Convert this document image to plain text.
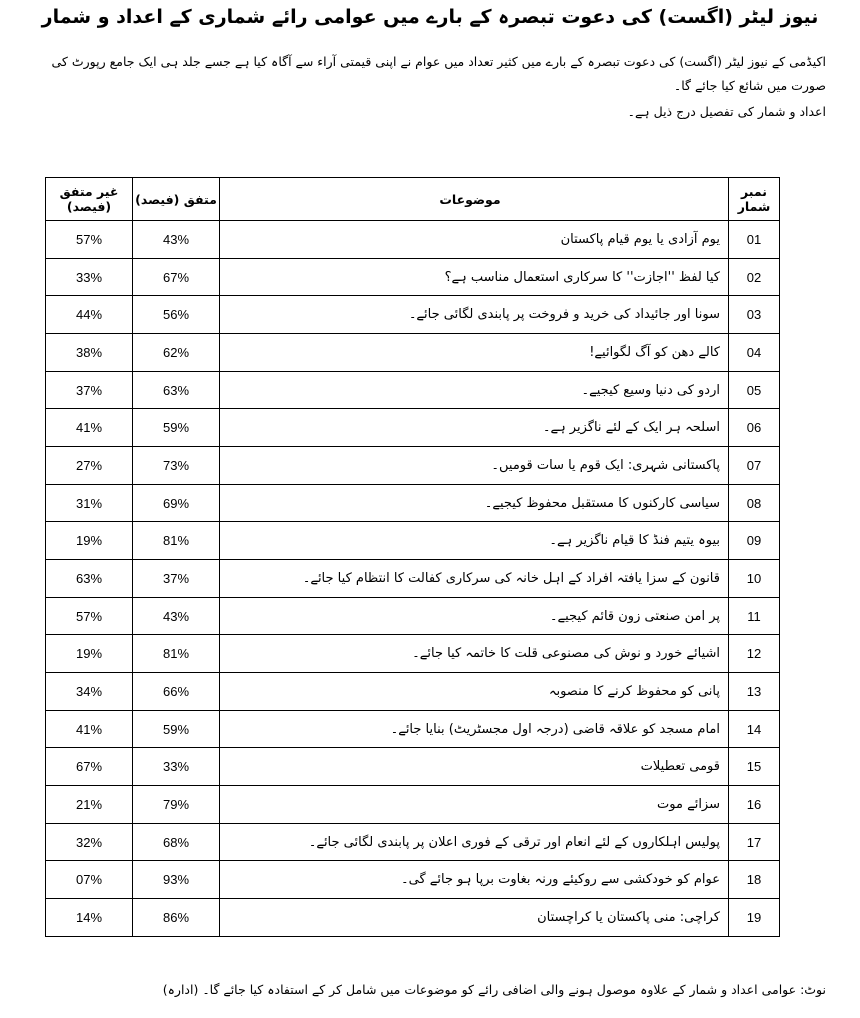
نیوز لیٹر (اگست) کی دعوت تبصرہ کے بارے میں عوامی رائے شماری کے اعداد و شمار

اکیڈمی کے نیوز لیٹر (اگست) کی دعوت تبصرہ کے بارے میں کثیر تعداد میں عوام نے اپنی قیمتی آراء سے آگاہ کیا ہے جسے جلد ہی ایک جامع رپورٹ کی صورت میں شائع کیا جائے گا۔

اعداد و شمار کی تفصیل درج ذیل ہے۔

نمبر شمار	موضوعات	متفق (فیصد)	غیر متفق (فیصد)
01	یوم آزادی یا یوم قیام پاکستان	43%	57%
02	کیا لفظ ''اجازت'' کا سرکاری استعمال مناسب ہے؟	67%	33%
03	سونا اور جائیداد کی خرید و فروخت پر پابندی لگائی جائے۔	56%	44%
04	کالے دھن کو آگ لگوائیے!	62%	38%
05	اردو کی دنیا وسیع کیجیے۔	63%	37%
06	اسلحہ ہر ایک کے لئے ناگزیر ہے۔	59%	41%
07	پاکستانی شہری: ایک قوم یا سات قومیں۔	73%	27%
08	سیاسی کارکنوں کا مستقبل محفوظ کیجیے۔	69%	31%
09	بیوہ یتیم فنڈ کا قیام ناگزیر ہے۔	81%	19%
10	قانون کے سزا یافتہ افراد کے اہل خانہ کی سرکاری کفالت کا انتظام کیا جائے۔	37%	63%
11	پر امن صنعتی زون قائم کیجیے۔	43%	57%
12	اشیائے خورد و نوش کی مصنوعی قلت کا خاتمہ کیا جائے۔	81%	19%
13	پانی کو محفوظ کرنے کا منصوبہ	66%	34%
14	امام مسجد کو علاقہ قاضی (درجہ اول مجسٹریٹ) بنایا جائے۔	59%	41%
15	قومی تعطیلات	33%	67%
16	سزائے موت	79%	21%
17	پولیس اہلکاروں کے لئے انعام اور ترقی کے فوری اعلان پر پابندی لگائی جائے۔	68%	32%
18	عوام کو خودکشی سے روکیئے ورنہ بغاوت برپا ہو جائے گی۔	93%	07%
19	کراچی: منی پاکستان یا کراچستان	86%	14%
نوٹ: عوامی اعداد و شمار کے علاوہ موصول ہونے والی اضافی رائے کو موضوعات میں شامل کر کے استفادہ کیا جائے گا۔ (ادارہ)
